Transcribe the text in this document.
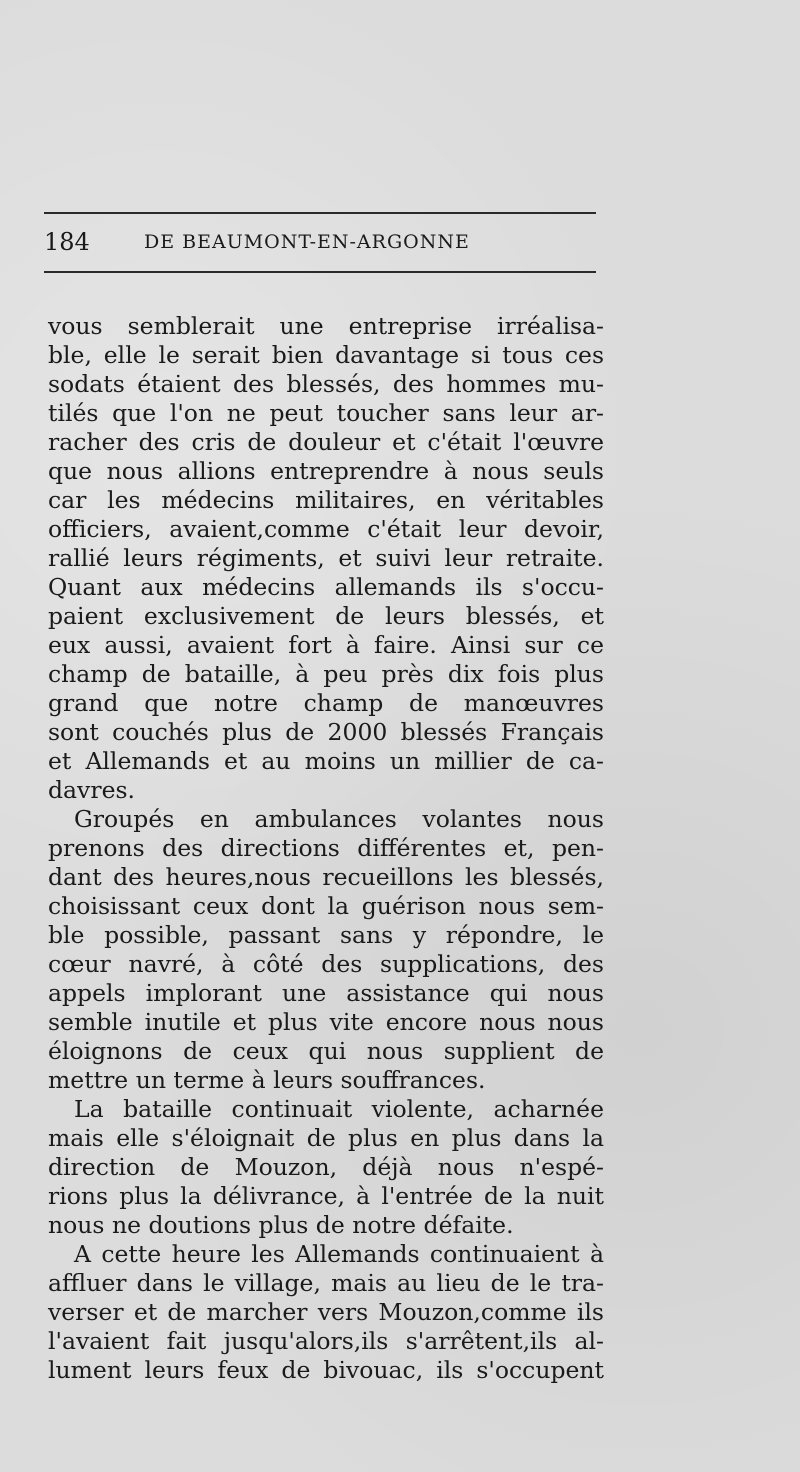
184	DE BEAUMONT-EN-ARGONNE
vous semblerait une entreprise irréalisa-
ble, elle le serait bien davantage si tous ces
sodats étaient des blessés, des hommes mu-
tilés que l'on ne peut toucher sans leur ar-
racher des cris de douleur et c'était l'œuvre
que nous allions entreprendre à nous seuls
car les médecins militaires, en véritables
officiers, avaient,comme c'était leur devoir,
rallié leurs régiments, et suivi leur retraite.
Quant aux médecins allemands ils s'occu-
paient exclusivement de leurs blessés, et
eux aussi, avaient fort à faire. Ainsi sur ce
champ de bataille, à peu près dix fois plus
grand que notre champ de manœuvres
sont couchés plus de 2000 blessés Français
et Allemands et au moins un millier de ca-
davres.
Groupés en ambulances volantes nous
prenons des directions différentes et, pen-
dant des heures,nous recueillons les blessés,
choisissant ceux dont la guérison nous sem-
ble possible, passant sans y répondre, le
cœur navré, à côté des supplications, des
appels implorant une assistance qui nous
semble inutile et plus vite encore nous nous
éloignons de ceux qui nous supplient de
mettre un terme à leurs souffrances.
La bataille continuait violente, acharnée
mais elle s'éloignait de plus en plus dans la
direction de Mouzon, déjà nous n'espé-
rions plus la délivrance, à l'entrée de la nuit
nous ne doutions plus de notre défaite.
A cette heure les Allemands continuaient à
affluer dans le village, mais au lieu de le tra-
verser et de marcher vers Mouzon,comme ils
l'avaient fait jusqu'alors,ils s'arrêtent,ils al-
lument leurs feux de bivouac, ils s'occupent
